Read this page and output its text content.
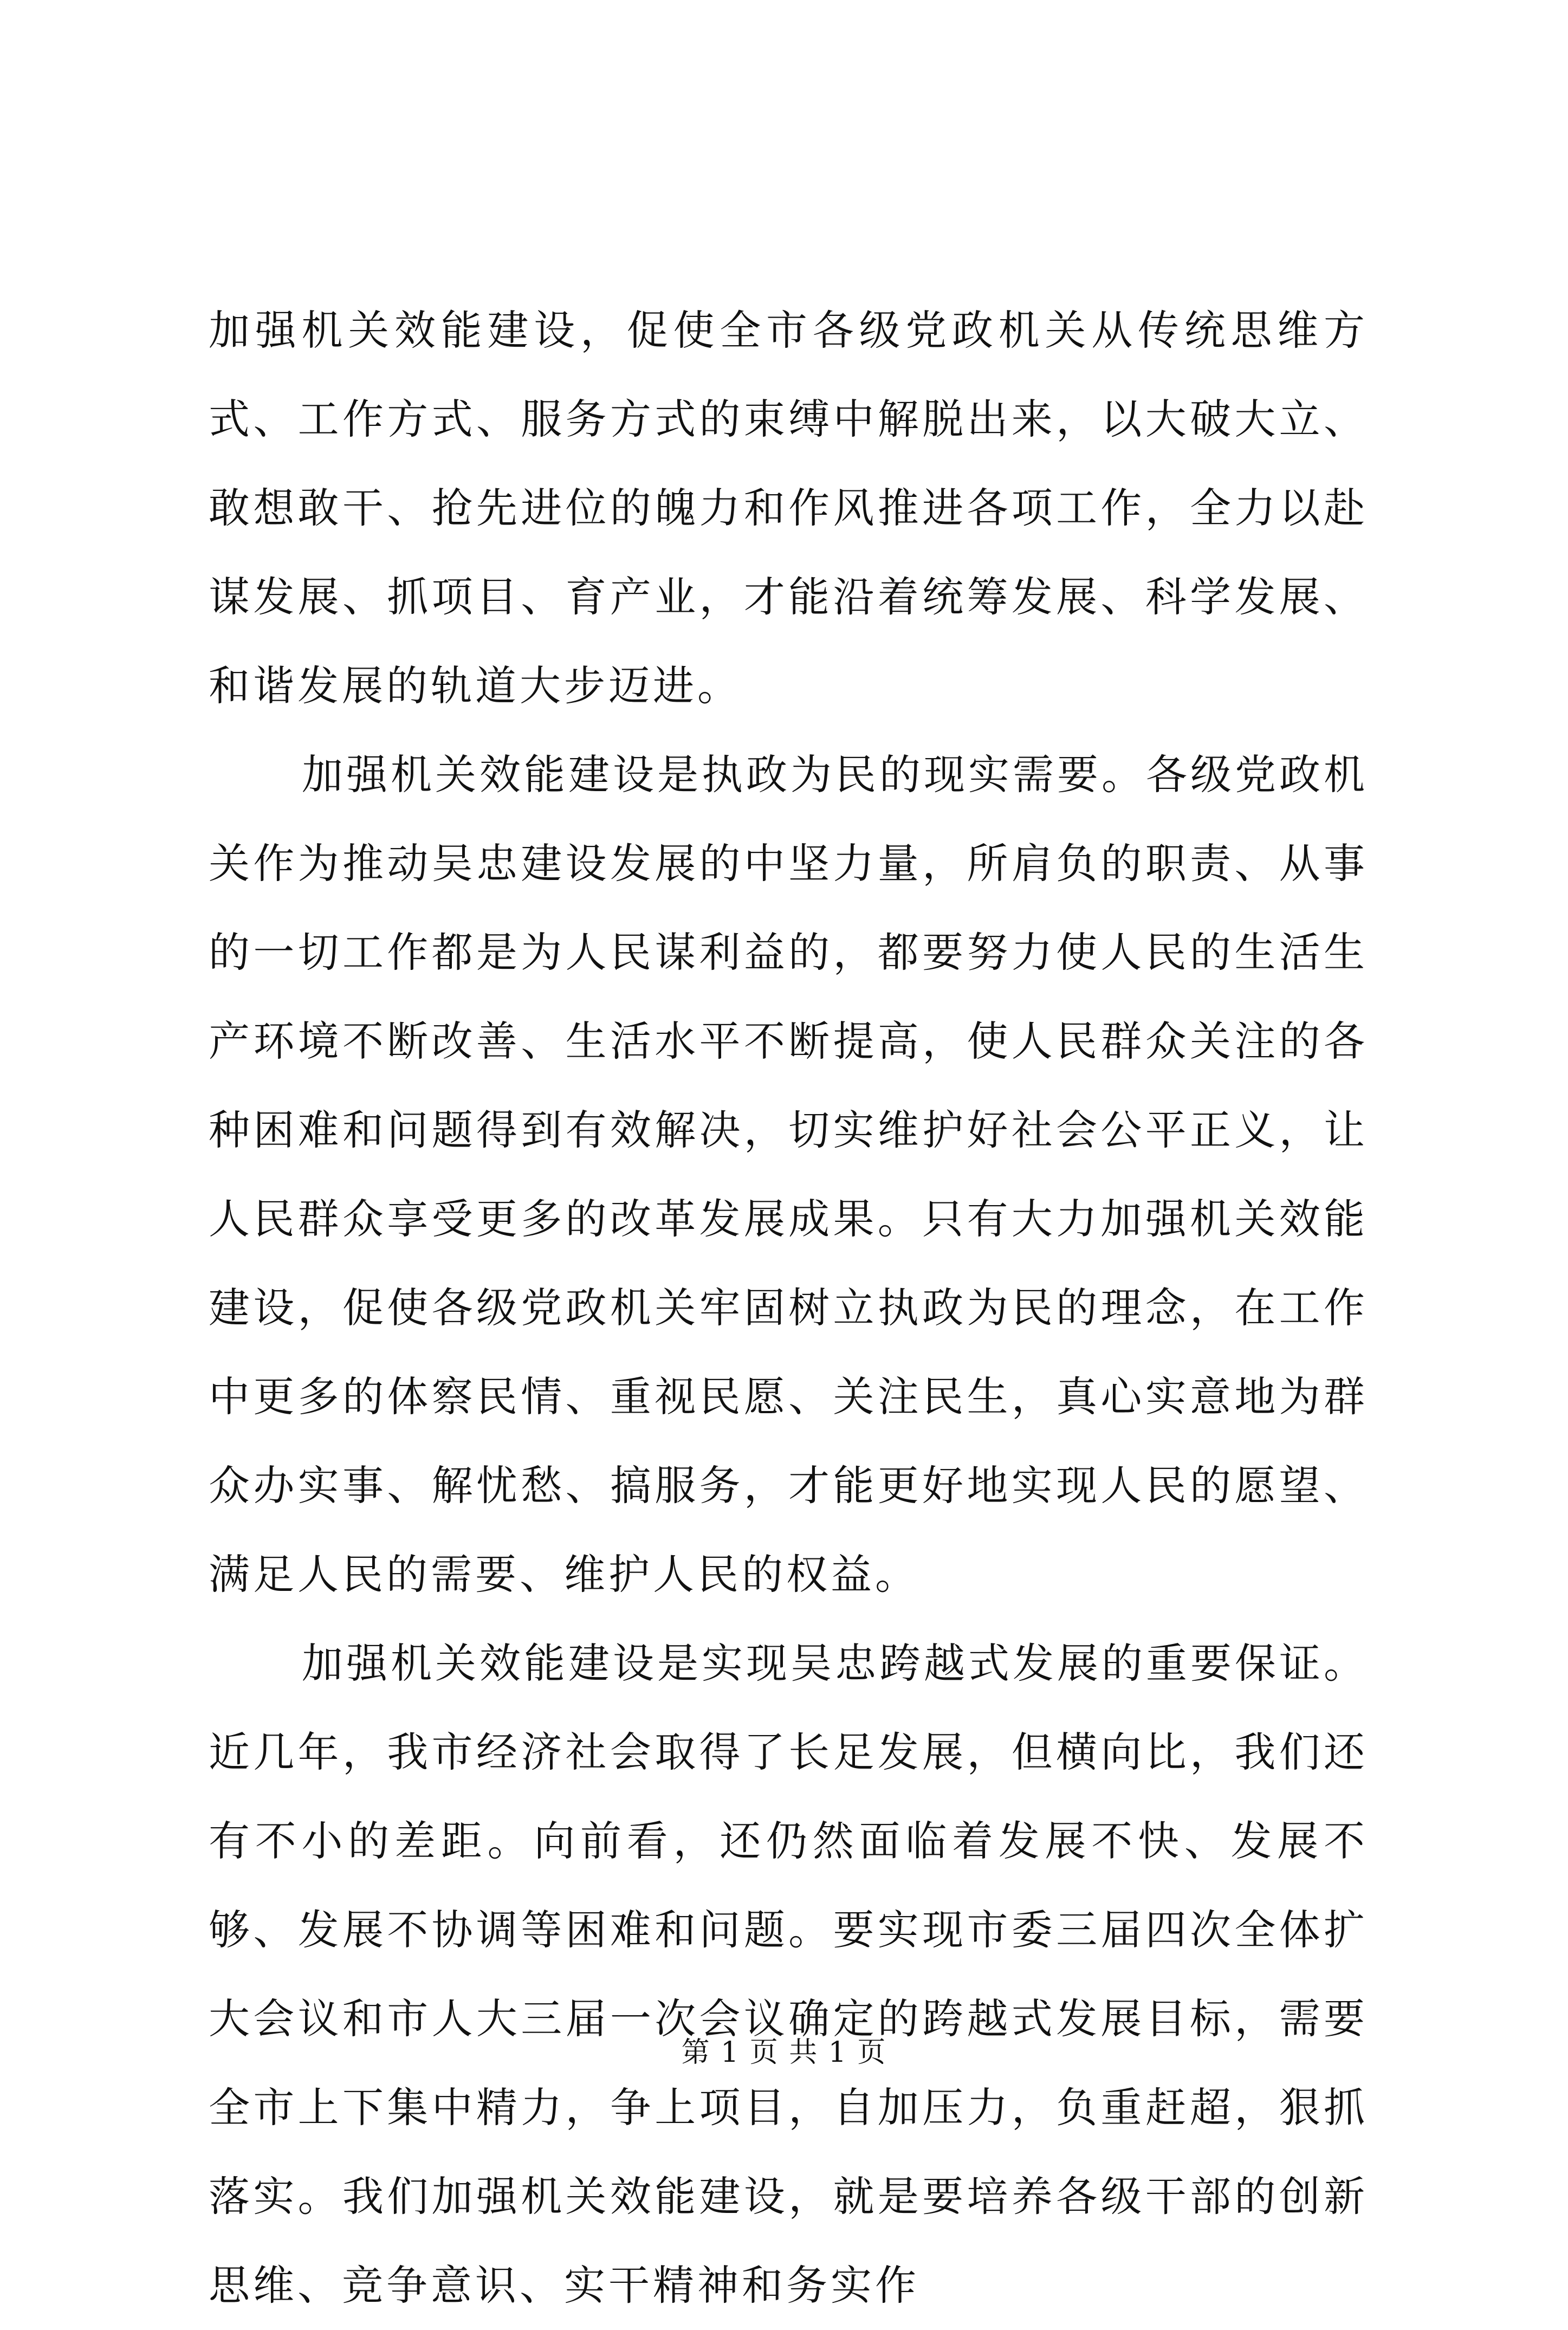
加强机关效能建设，促使全市各级党政机关从传统思维方式、工作方式、服务方式的束缚中解脱出来，以大破大立、敢想敢干、抢先进位的魄力和作风推进各项工作，全力以赴谋发展、抓项目、育产业，才能沿着统筹发展、科学发展、和谐发展的轨道大步迈进。

加强机关效能建设是执政为民的现实需要。各级党政机关作为推动吴忠建设发展的中坚力量，所肩负的职责、从事的一切工作都是为人民谋利益的，都要努力使人民的生活生产环境不断改善、生活水平不断提高，使人民群众关注的各种困难和问题得到有效解决，切实维护好社会公平正义，让人民群众享受更多的改革发展成果。只有大力加强机关效能建设，促使各级党政机关牢固树立执政为民的理念，在工作中更多的体察民情、重视民愿、关注民生，真心实意地为群众办实事、解忧愁、搞服务，才能更好地实现人民的愿望、满足人民的需要、维护人民的权益。

加强机关效能建设是实现吴忠跨越式发展的重要保证。近几年，我市经济社会取得了长足发展，但横向比，我们还有不小的差距。向前看，还仍然面临着发展不快、发展不够、发展不协调等困难和问题。要实现市委三届四次全体扩大会议和市人大三届一次会议确定的跨越式发展目标，需要全市上下集中精力，争上项目，自加压力，负重赶超，狠抓落实。我们加强机关效能建设，就是要培养各级干部的创新思维、竞争意识、实干精神和务实作

第 1 页 共 1 页
